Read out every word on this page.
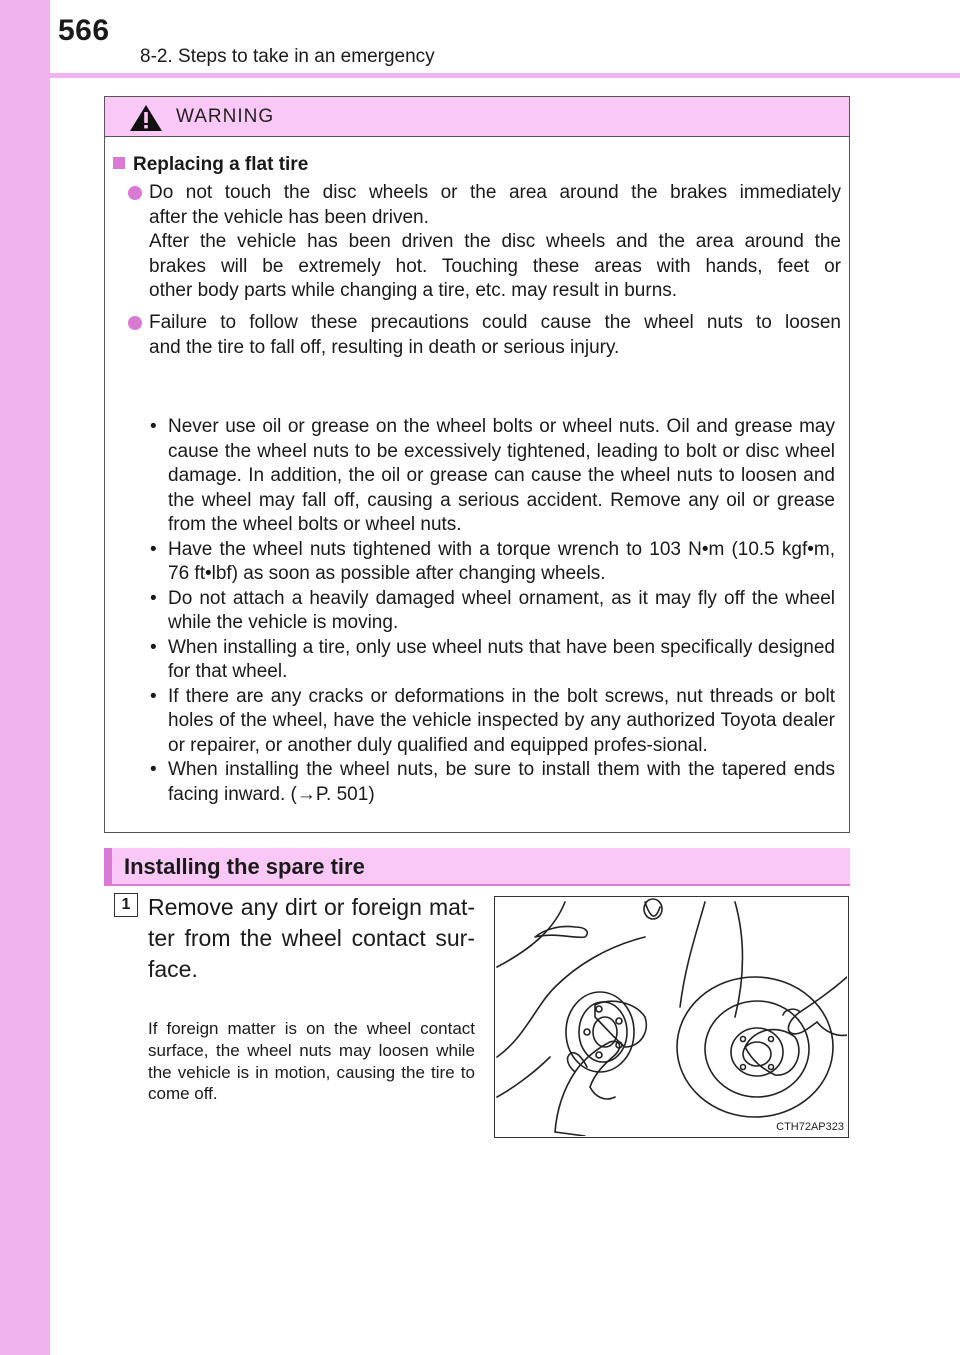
566
8-2. Steps to take in an emergency
WARNING
Replacing a flat tire
Do not touch the disc wheels or the area around the brakes immediately
after the vehicle has been driven.
After the vehicle has been driven the disc wheels and the area around the
brakes will be extremely hot. Touching these areas with hands, feet or
other body parts while changing a tire, etc. may result in burns.
Failure to follow these precautions could cause the wheel nuts to loosen
and the tire to fall off, resulting in death or serious injury.
• Never use oil or grease on the wheel bolts or wheel nuts. Oil and grease may cause the wheel nuts to be excessively tightened, leading to bolt or disc wheel damage. In addition, the oil or grease can cause the wheel nuts to loosen and the wheel may fall off, causing a serious accident. Remove any oil or grease from the wheel bolts or wheel nuts.
• Have the wheel nuts tightened with a torque wrench to 103 N•m (10.5 kgf•m, 76 ft•lbf) as soon as possible after changing wheels.
• Do not attach a heavily damaged wheel ornament, as it may fly off the wheel while the vehicle is moving.
• When installing a tire, only use wheel nuts that have been specifically designed for that wheel.
• If there are any cracks or deformations in the bolt screws, nut threads or bolt holes of the wheel, have the vehicle inspected by any authorized Toyota dealer or repairer, or another duly qualified and equipped profes-sional.
• When installing the wheel nuts, be sure to install them with the tapered ends facing inward. (→P. 501)
Installing the spare tire
1 Remove any dirt or foreign mat-ter from the wheel contact sur-face.
If foreign matter is on the wheel contact surface, the wheel nuts may loosen while the vehicle is in motion, causing the tire to come off.
CTH72AP323
